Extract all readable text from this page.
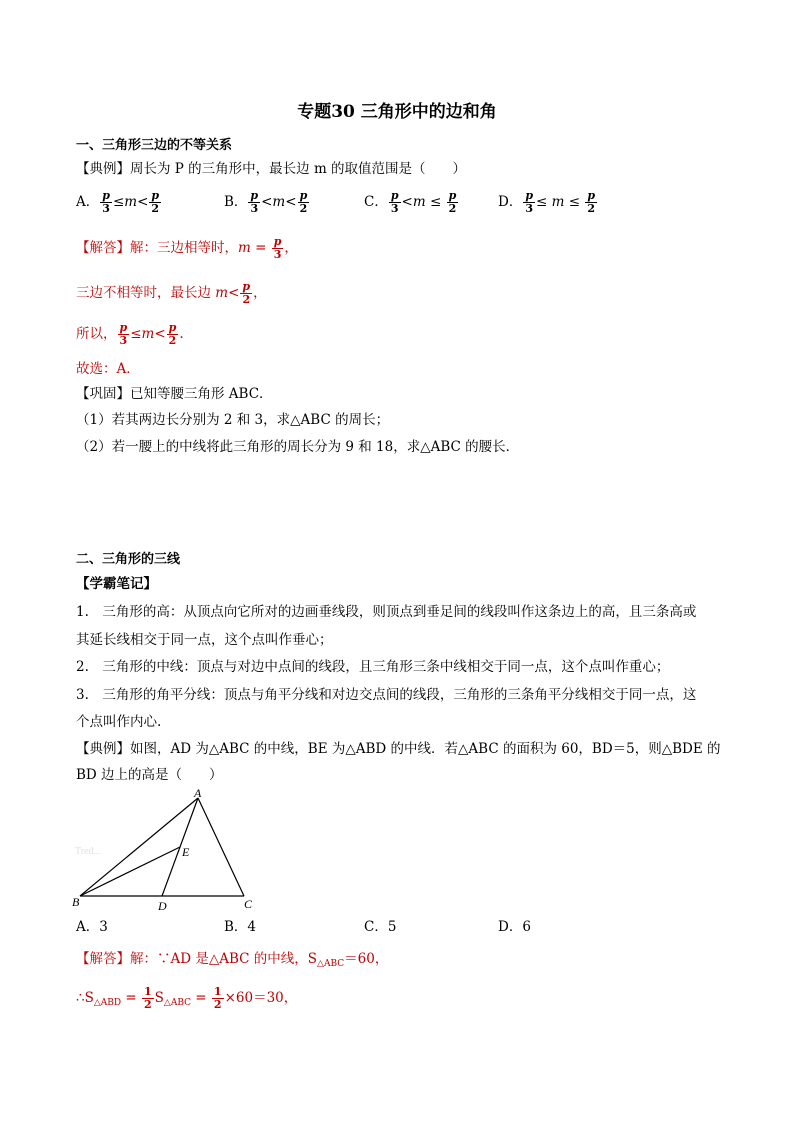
专题30 三角形中的边和角
一、三角形三边的不等关系
【典例】周长为 P 的三角形中，最长边 m 的取值范围是（　　）
A． $\frac{p}{3} \le m< \frac{p}{2}$	B． $\frac{p}{3} <m< \frac{p}{2}$	C． $\frac{p}{3} <m \le \frac{p}{2}$	D． $\frac{p}{3} \le m \le \frac{p}{2}$
【解答】解：三边相等时，$m = \frac{p}{3}$ ，
三边不相等时，最长边 $m< \frac{p}{2}$ ，
所以， $\frac{p}{3} \le m< \frac{p}{2}$ .
故选：A．
【巩固】已知等腰三角形 ABC．
（1）若其两边长分别为 2 和 3，求△ABC 的周长；
（2）若一腰上的中线将此三角形的周长分为 9 和 18，求△ABC 的腰长．
二、三角形的三线
【学霸笔记】
1.　三角形的高：从顶点向它所对的边画垂线段，则顶点到垂足间的线段叫作这条边上的高，且三条高或
其延长线相交于同一点，这个点叫作垂心；
2.　三角形的中线：顶点与对边中点间的线段，且三角形三条中线相交于同一点，这个点叫作重心；
3.　三角形的角平分线：顶点与角平分线和对边交点间的线段，三角形的三条角平分线相交于同一点，这
个点叫作内心.
【典例】如图，AD 为△ABC 的中线，BE 为△ABD 的中线．若△ABC 的面积为 60，BD＝5，则△BDE 的
BD 边上的高是（　　）
Tred...
A
B	C
D
E
A．3	B．4	C．5	D．6
【解答】解：∵AD 是△ABC 的中线，$S_{\triangle ABC}=60$，
$\therefore S_{\triangle ABD} = \frac{1}{2} S_{\triangle ABC} = \frac{1}{2} \times 60=30$，
